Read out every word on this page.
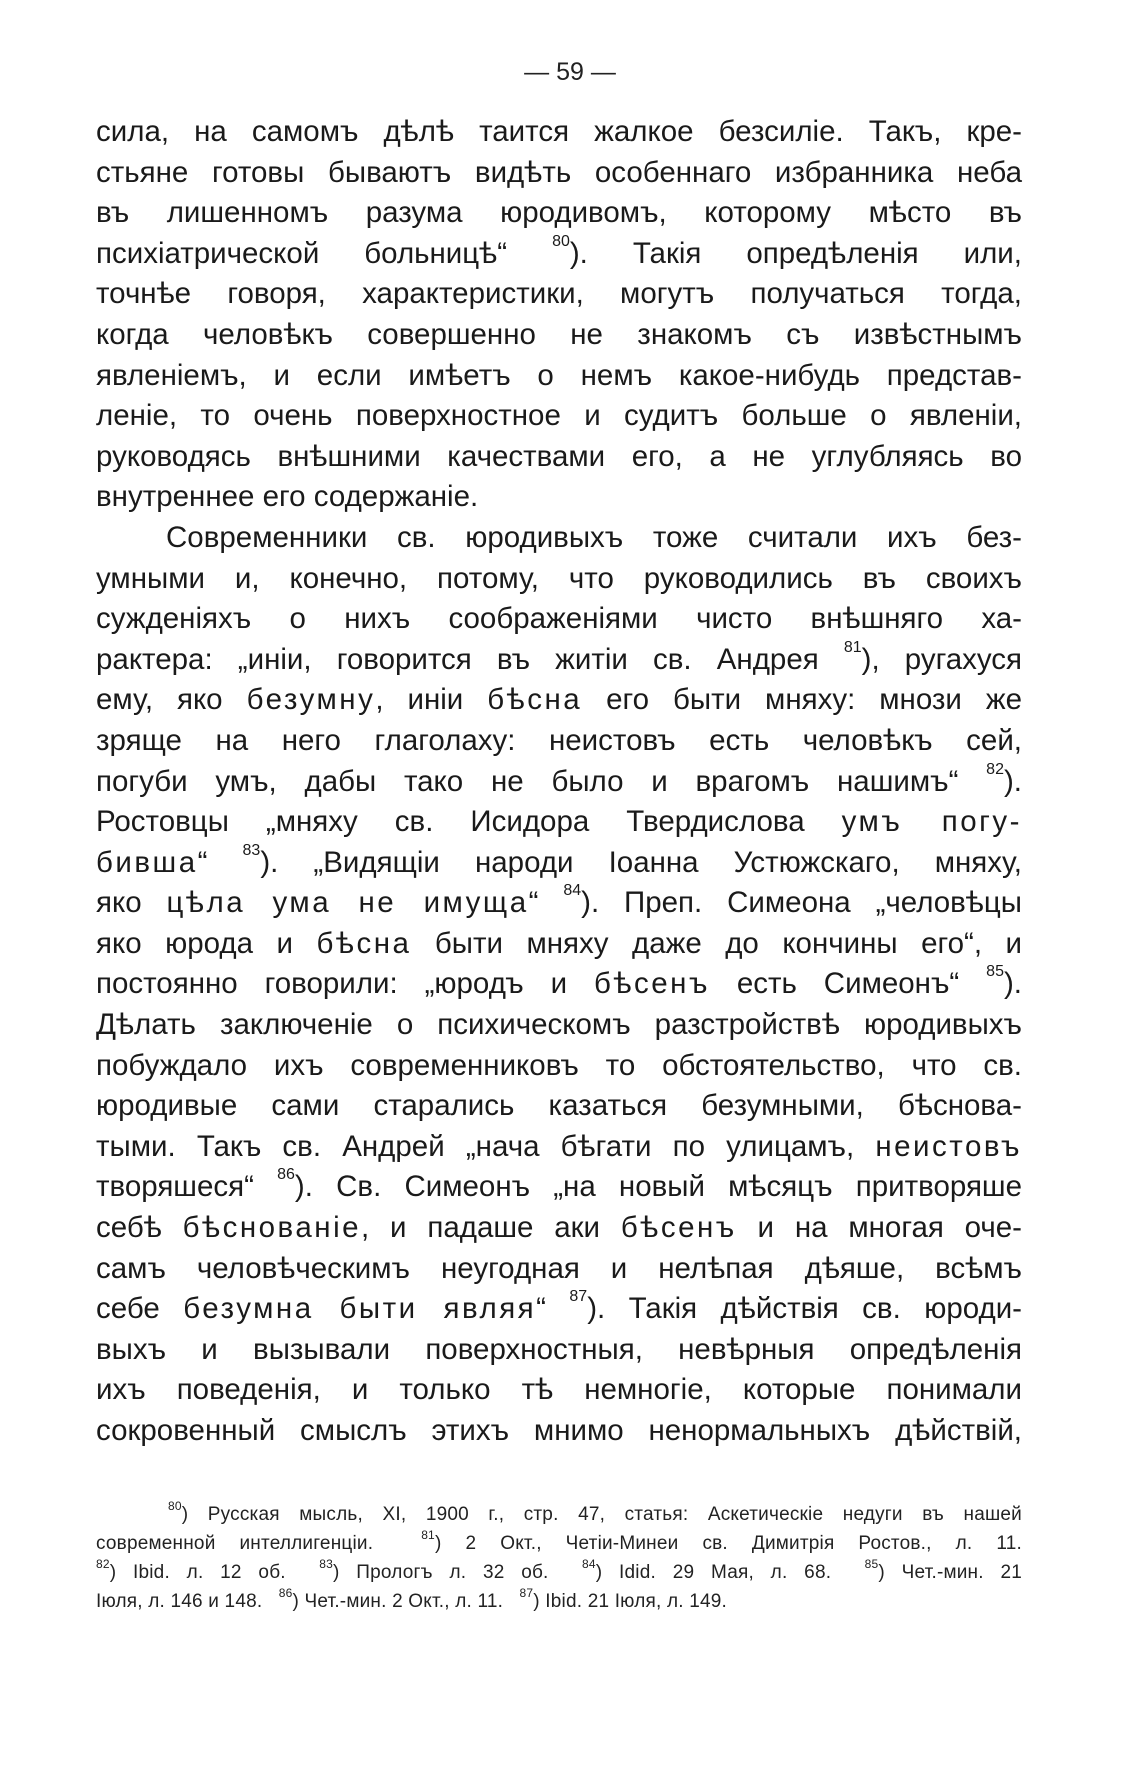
— 59 —
сила, на самомъ дѣлѣ таится жалкое безсиліе. Такъ, кре-
стьяне готовы бываютъ видѣть особеннаго избранника неба
въ лишенномъ разума юродивомъ, которому мѣсто въ
психіатрической больницѣ“ $^{80}$). Такія опредѣленія или,
точнѣе говоря, характеристики, могутъ получаться тогда,
когда человѣкъ совершенно не знакомъ съ извѣстнымъ
явленіемъ, и если имѣетъ о немъ какое-нибудь представ-
леніе, то очень поверхностное и судитъ больше о явленіи,
руководясь внѣшними качествами его, а не углубляясь во
внутреннее его содержаніе.
Современники св. юродивыхъ тоже считали ихъ без-
умными и, конечно, потому, что руководились въ своихъ
сужденіяхъ о нихъ соображеніями чисто внѣшняго ха-
рактера: „иніи, говорится въ житіи св. Андрея $^{81}$), ругахуся
ему, яко безумну, иніи бѣсна его быти мняху: мнози же
зряще на него глаголаху: неистовъ есть человѣкъ сей,
погуби умъ, дабы тако не было и врагомъ нашимъ“ $^{82}$).
Ростовцы „мняху св. Исидора Твердислова умъ погу-
бивша“ $^{83}$). „Видящіи народи Іоанна Устюжскаго, мняху,
яко цѣла ума не имуща“ $^{84}$). Преп. Симеона „человѣцы
яко юрода и бѣсна быти мняху даже до кончины его“, и
постоянно говорили: „юродъ и бѣсенъ есть Симеонъ“ $^{85}$).
Дѣлать заключеніе о психическомъ разстройствѣ юродивыхъ
побуждало ихъ современниковъ то обстоятельство, что св.
юродивые сами старались казаться безумными, бѣснова-
тыми. Такъ св. Андрей „нача бѣгати по улицамъ, неистовъ
творяшеся“ $^{86}$). Св. Симеонъ „на новый мѣсяцъ притворяше
себѣ бѣснованіе, и падаше аки бѣсенъ и на многая оче-
самъ человѣческимъ неугодная и нелѣпая дѣяше, всѣмъ
себе безумна быти являя“ $^{87}$). Такія дѣйствія св. юроди-
выхъ и вызывали поверхностныя, невѣрныя опредѣленія
ихъ поведенія, и только тѣ немногіе, которые понимали
сокровенный смыслъ этихъ мнимо ненормальныхъ дѣйствій,
$^{80}$) Русская мысль, XI, 1900 г., стр. 47, статья: Аскетическіе недуги въ нашей
современной интеллигенціи.	$^{81}$) 2 Окт., Четіи-Минеи св. Димитрія Ростов., л. 11.
$^{82}$) Ibid. л. 12 об.	$^{83}$) Прологъ л. 32 об.	$^{84}$) Idid. 29 Мая, л. 68.	$^{85}$) Чет.-мин. 21
Іюля, л. 146 и 148. $^{86}$) Чет.-мин. 2 Окт., л. 11. $^{87}$) Ibid. 21 Іюля, л. 149.
